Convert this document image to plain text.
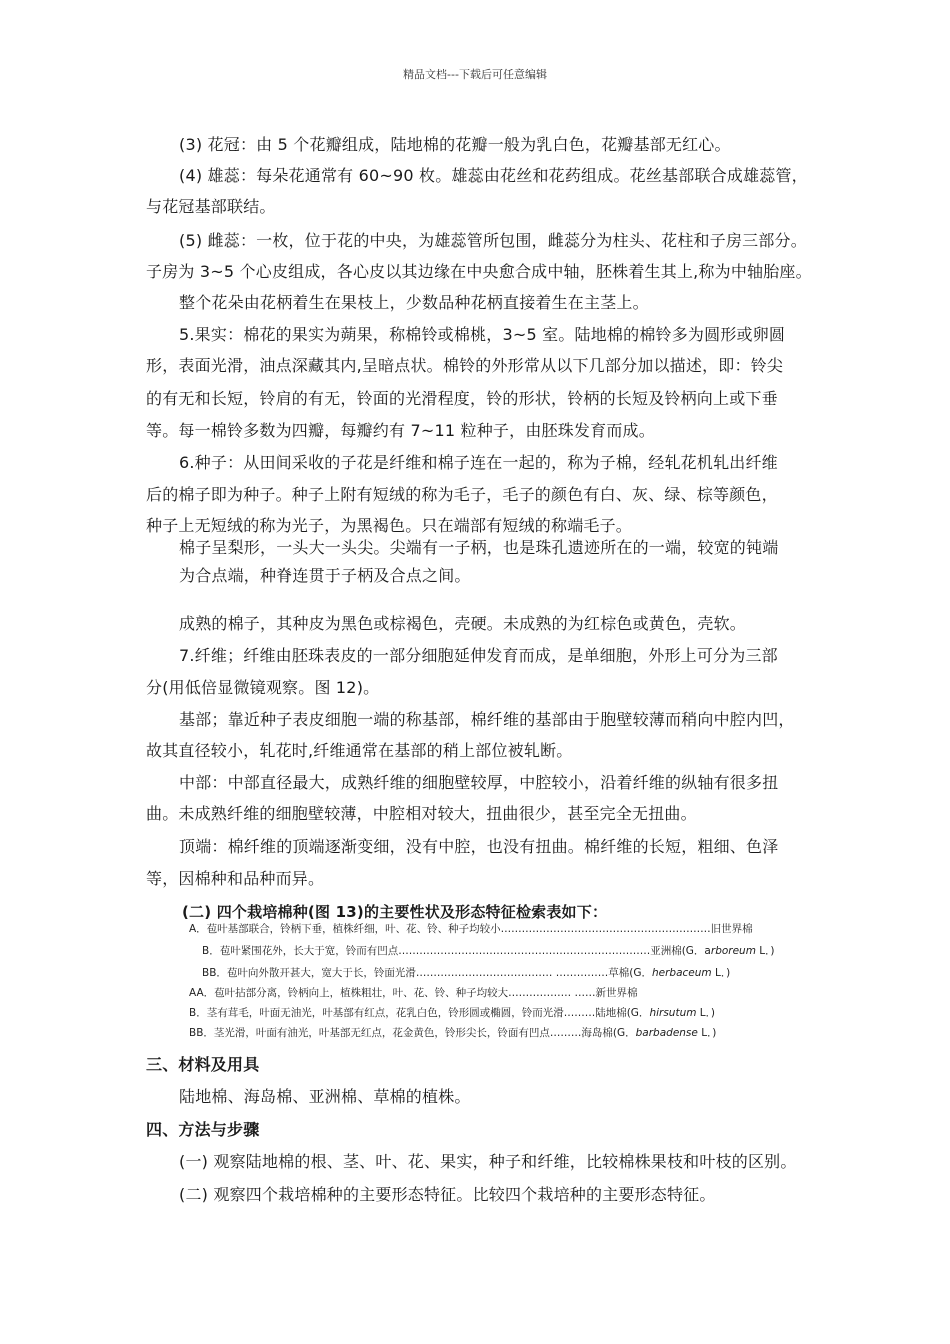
精品文档---下载后可任意编辑
(3) 花冠：由 5 个花瓣组成，陆地棉的花瓣一般为乳白色，花瓣基部无红心。
(4) 雄蕊：每朵花通常有 60~90 枚。雄蕊由花丝和花药组成。花丝基部联合成雄蕊管，
与花冠基部联结。
(5) 雌蕊：一枚，位于花的中央，为雄蕊管所包围，雌蕊分为柱头、花柱和子房三部分。
子房为 3~5 个心皮组成，各心皮以其边缘在中央愈合成中轴，胚株着生其上,称为中轴胎座。
整个花朵由花柄着生在果枝上，少数品种花柄直接着生在主茎上。
5.果实：棉花的果实为蒴果，称棉铃或棉桃，3~5 室。陆地棉的棉铃多为圆形或卵圆
形，表面光滑，油点深藏其内,呈暗点状。棉铃的外形常从以下几部分加以描述，即：铃尖
的有无和长短，铃肩的有无，铃面的光滑程度，铃的形状，铃柄的长短及铃柄向上或下垂
等。每一棉铃多数为四瓣，每瓣约有 7~11 粒种子，由胚珠发育而成。
6.种子：从田间采收的子花是纤维和棉子连在一起的，称为子棉，经轧花机轧出纤维
后的棉子即为种子。种子上附有短绒的称为毛子，毛子的颜色有白、灰、绿、棕等颜色，
种子上无短绒的称为光子，为黑褐色。只在端部有短绒的称端毛子。
棉子呈梨形，一头大一头尖。尖端有一子柄，也是珠孔遗迹所在的一端，较宽的钝端
为合点端，种脊连贯于子柄及合点之间。
成熟的棉子，其种皮为黑色或棕褐色，壳硬。未成熟的为红棕色或黄色，壳软。
7.纤维；纤维由胚珠表皮的一部分细胞延伸发育而成，是单细胞，外形上可分为三部
分(用低倍显微镜观察。图 12)。
基部；靠近种子表皮细胞一端的称基部，棉纤维的基部由于胞壁较薄而稍向中腔内凹，
故其直径较小，轧花时,纤维通常在基部的稍上部位被轧断。
中部：中部直径最大，成熟纤维的细胞壁较厚，中腔较小，沿着纤维的纵轴有很多扭
曲。未成熟纤维的细胞壁较薄，中腔相对较大，扭曲很少，甚至完全无扭曲。
顶端：棉纤维的顶端逐渐变细，没有中腔，也没有扭曲。棉纤维的长短，粗细、色泽
等，因棉种和品种而异。
(二) 四个栽培棉种(图 13)的主要性状及形态特征检索表如下：
A．苞叶基部联合，铃柄下垂，植株纤细，叶、花、铃、种子均较小……………………………………………………旧世界棉
B．苞叶紧围花外，长大于宽，铃而有凹点………………………………………………………………亚洲棉(G．arboreum L．)
BB．苞叶向外散开甚大，宽大于长，铃面光滑………………………………… ……………草棉(G．herbaceum L．)
AA．苞叶拈部分离，铃柄向上，植株粗壮，叶、花、铃、种子均较大……………… ……新世界棉
B．茎有茸毛，叶面无油光，叶基部有红点，花乳白色，铃形圆或椭圆，铃而光滑………陆地棉(G．hirsutum L．)
BB．茎光滑，叶面有油光，叶基部无红点，花金黄色，铃形尖长，铃面有凹点………海岛棉(G．barbadense L．)
三、材料及用具
陆地棉、海岛棉、亚洲棉、草棉的植株。
四、方法与步骤
(一) 观察陆地棉的根、茎、叶、花、果实，种子和纤维，比较棉株果枝和叶枝的区别。
(二) 观察四个栽培棉种的主要形态特征。比较四个栽培种的主要形态特征。
